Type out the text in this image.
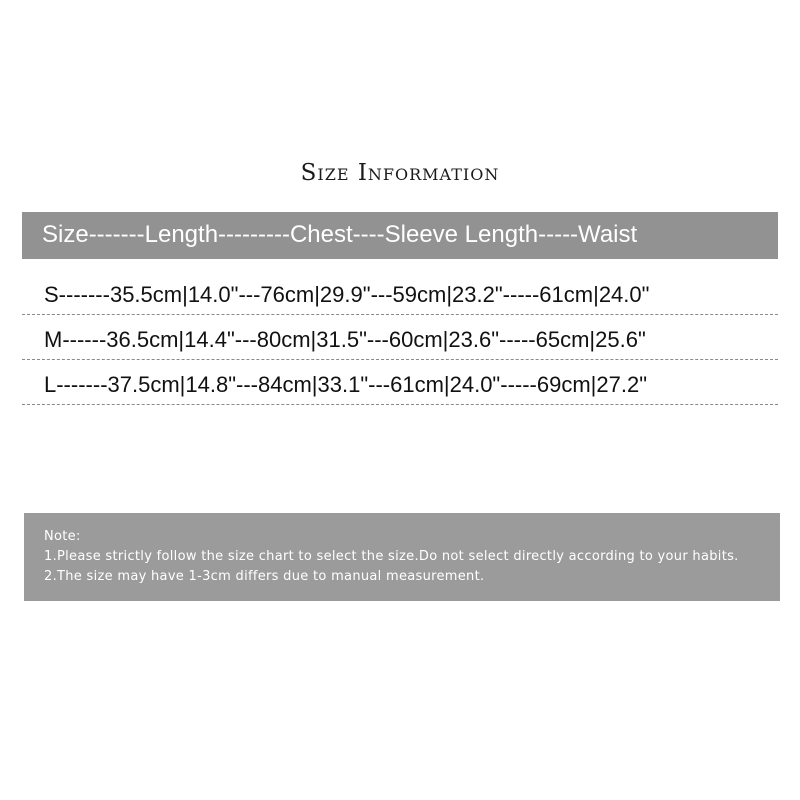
Size Information
Size-------Length---------Chest----Sleeve Length-----Waist
S-------35.5cm|14.0"---76cm|29.9"---59cm|23.2"-----61cm|24.0"
M------36.5cm|14.4"---80cm|31.5"---60cm|23.6"-----65cm|25.6"
L-------37.5cm|14.8"---84cm|33.1"---61cm|24.0"-----69cm|27.2"
Note:
1.Please strictly follow the size chart to select the size.Do not select directly according to your habits.
2.The size may have 1-3cm differs due to manual measurement.
